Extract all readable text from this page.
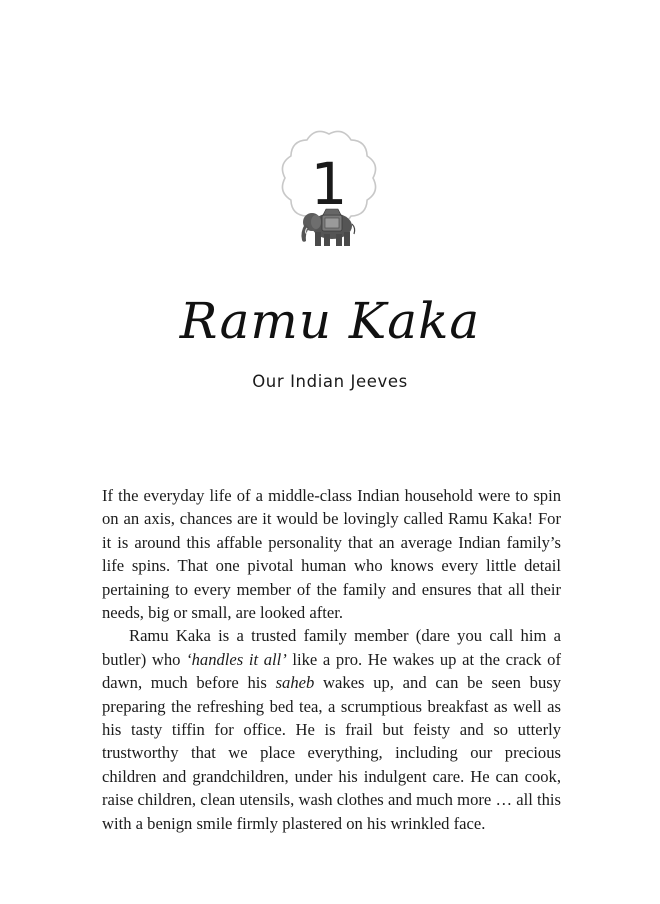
1
Ramu Kaka
Our Indian Jeeves

If the everyday life of a middle-class Indian household were to spin on an axis, chances are it would be lovingly called Ramu Kaka! For it is around this affable personality that an average Indian family’s life spins. That one pivotal human who knows every little detail pertaining to every member of the family and ensures that all their needs, big or small, are looked after.

Ramu Kaka is a trusted family member (dare you call him a butler) who ‘handles it all’ like a pro. He wakes up at the crack of dawn, much before his saheb wakes up, and can be seen busy preparing the refreshing bed tea, a scrumptious breakfast as well as his tasty tiffin for office. He is frail but feisty and so utterly trustworthy that we place everything, including our precious children and grandchildren, under his indulgent care. He can cook, raise children, clean utensils, wash clothes and much more … all this with a benign smile firmly plastered on his wrinkled face.
